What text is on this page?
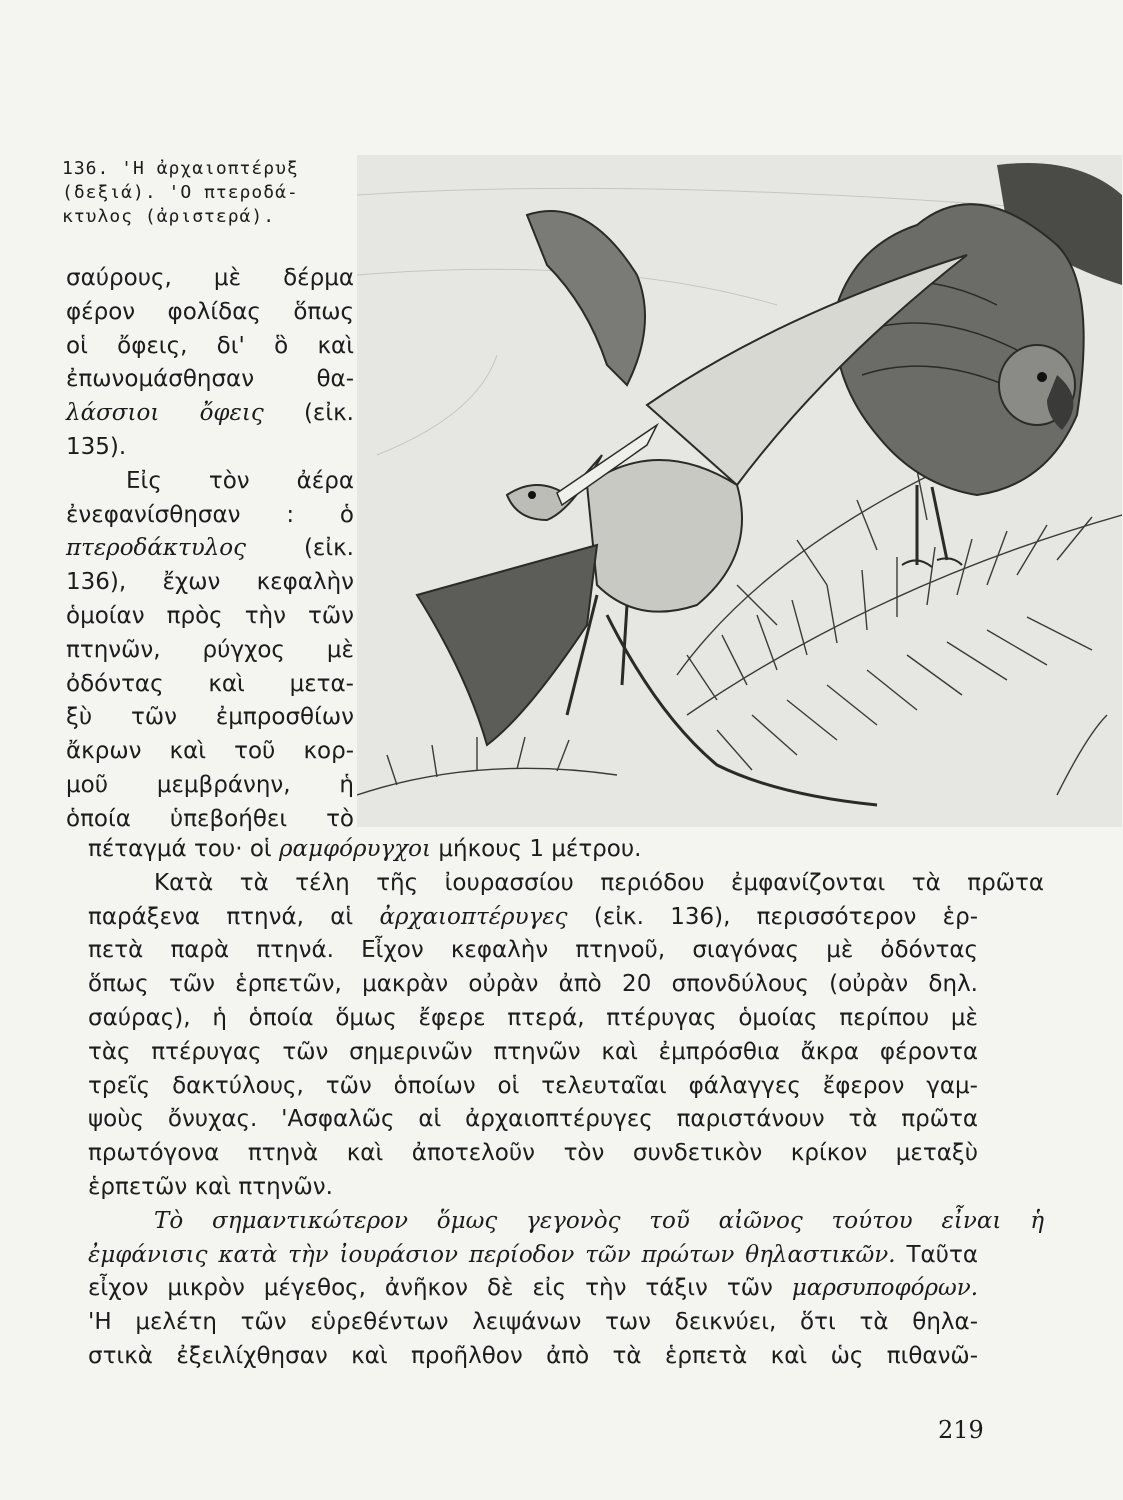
136. 'Η ἀρχαιοπτέρυξ
(δεξιά). 'Ο πτεροδά-
κτυλος (ἀριστερά).
σαύρους, μὲ δέρμα
φέρον φολίδας ὅπως
οἱ ὄφεις, δι' ὃ καὶ
ἐπωνομάσθησαν θα-
λάσσιοι ὄφεις (εἰκ.
135).
Εἰς τὸν ἀέρα
ἐνεφανίσθησαν : ὁ
πτεροδάκτυλος	(εἰκ.
136), ἔχων κεφαλὴν
ὁμοίαν πρὸς τὴν τῶν
πτηνῶν, ρύγχος μὲ
ὀδόντας καὶ μετα-
ξὺ τῶν ἐμπροσθίων
ἄκρων καὶ τοῦ κορ-
μοῦ μεμβράνην, ἡ
ὁποία ὑπεβοήθει τὸ
πέταγμά του· οἱ ραμφόρυγχοι μήκους 1 μέτρου.
Κατὰ τὰ τέλη τῆς ἰουρασσίου περιόδου ἐμφανίζονται τὰ πρῶτα
παράξενα πτηνά, αἱ ἀρχαιοπτέρυγες (εἰκ. 136), περισσότερον ἑρ-
πετὰ παρὰ πτηνά. Εἶχον κεφαλὴν πτηνοῦ, σιαγόνας μὲ ὀδόντας
ὅπως τῶν ἑρπετῶν, μακρὰν οὐρὰν ἀπὸ 20 σπονδύλους (οὐρὰν δηλ.
σαύρας), ἡ ὁποία ὅμως ἔφερε πτερά, πτέρυγας ὁμοίας περίπου μὲ
τὰς πτέρυγας τῶν σημερινῶν πτηνῶν καὶ ἐμπρόσθια ἄκρα φέροντα
τρεῖς δακτύλους, τῶν ὁποίων οἱ τελευταῖαι φάλαγγες ἔφερον γαμ-
ψοὺς ὄνυχας. 'Ασφαλῶς αἱ ἀρχαιοπτέρυγες παριστάνουν τὰ πρῶτα
πρωτόγονα πτηνὰ καὶ ἀποτελοῦν τὸν συνδετικὸν κρίκον μεταξὺ
ἑρπετῶν καὶ πτηνῶν.
Τὸ σημαντικώτερον ὅμως γεγονὸς τοῦ αἰῶνος τούτου εἶναι ἡ
ἐμφάνισις κατὰ τὴν ἰουράσιον περίοδον τῶν πρώτων θηλαστικῶν. Ταῦτα
εἶχον μικρὸν μέγεθος, ἀνῆκον δὲ εἰς τὴν τάξιν τῶν μαρσυποφόρων.
'Η μελέτη τῶν εὑρεθέντων λειψάνων των δεικνύει, ὅτι τὰ θηλα-
στικὰ ἐξειλίχθησαν καὶ προῆλθον ἀπὸ τὰ ἑρπετὰ καὶ ὡς πιθανῶ-
219
